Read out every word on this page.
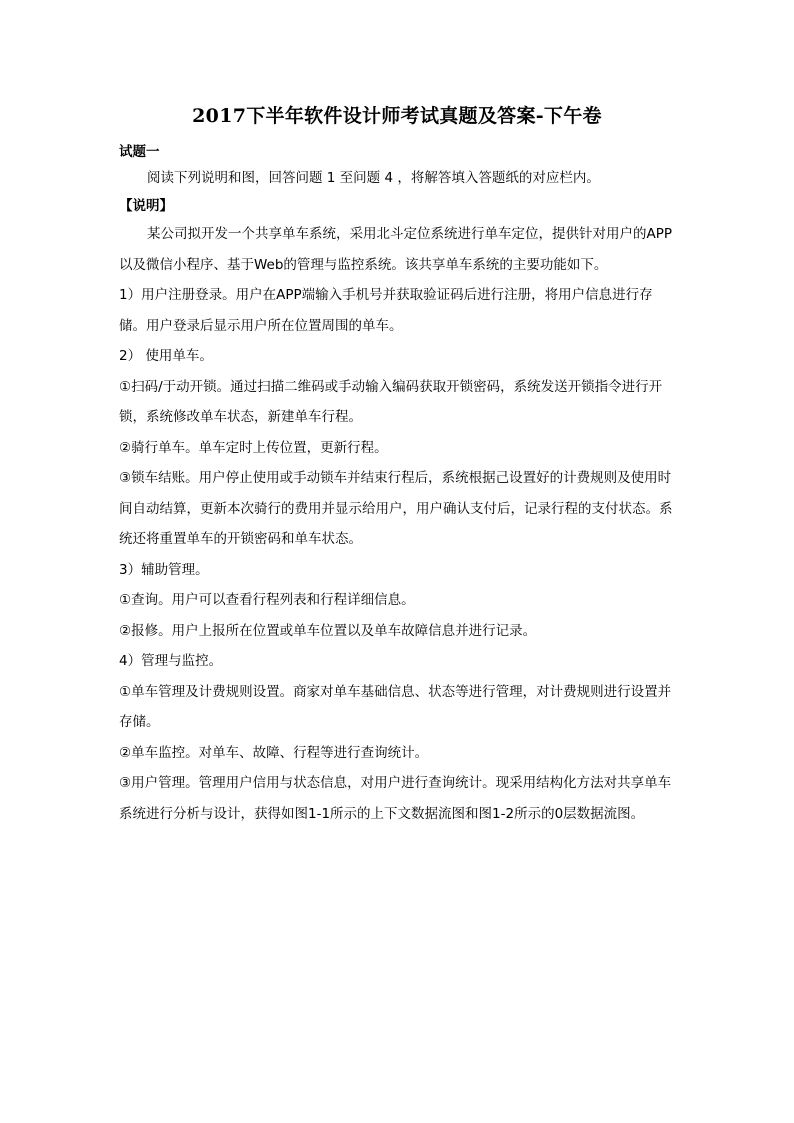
2017下半年软件设计师考试真题及答案-下午卷

试题一

阅读下列说明和图，回答问题 1 至问题 4 ，将解答填入答题纸的对应栏内。

【说明】

某公司拟开发一个共享单车系统，采用北斗定位系统进行单车定位，提供针对用户的APP以及微信小程序、基于Web的管理与监控系统。该共享单车系统的主要功能如下。

1）用户注册登录。用户在APP端输入手机号并获取验证码后进行注册，将用户信息进行存储。用户登录后显示用户所在位置周围的单车。

2） 使用单车。

①扫码/于动开锁。通过扫描二维码或手动输入编码获取开锁密码，系统发送开锁指令进行开锁，系统修改单车状态，新建单车行程。

②骑行单车。单车定时上传位置，更新行程。

③锁车结账。用户停止使用或手动锁车并结束行程后，系统根据己设置好的计费规则及使用时间自动结算，更新本次骑行的费用并显示给用户，用户确认支付后，记录行程的支付状态。系统还将重置单车的开锁密码和单车状态。

3）辅助管理。

①查询。用户可以查看行程列表和行程详细信息。

②报修。用户上报所在位置或单车位置以及单车故障信息并进行记录。

4）管理与监控。

①单车管理及计费规则设置。商家对单车基础信息、状态等进行管理，对计费规则进行设置并存储。

②单车监控。对单车、故障、行程等进行查询统计。

③用户管理。管理用户信用与状态信息，对用户进行查询统计。现采用结构化方法对共享单车系统进行分析与设计，获得如图1-1所示的上下文数据流图和图1-2所示的0层数据流图。
